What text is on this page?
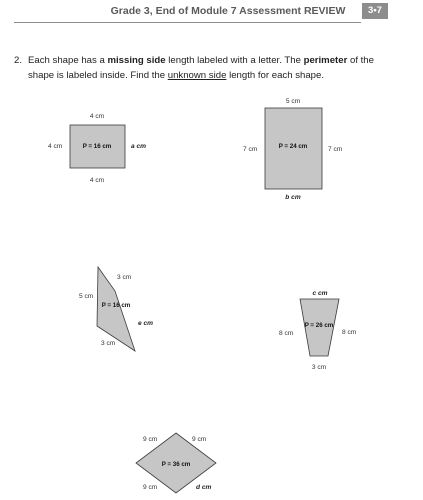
Grade 3, End of Module 7 Assessment REVIEW	3•7
2. Each shape has a missing side length labeled with a letter. The perimeter of the shape is labeled inside. Find the unknown side length for each shape.
4 cm
4 cm	a cm
4 cm
P = 16 cm
5 cm
7 cm	7 cm
b cm
P = 24 cm
3 cm
5 cm
e cm
3 cm
P = 16 cm
c cm
8 cm	8 cm
3 cm
P = 26 cm
9 cm	9 cm
9 cm	d cm
P = 36 cm
